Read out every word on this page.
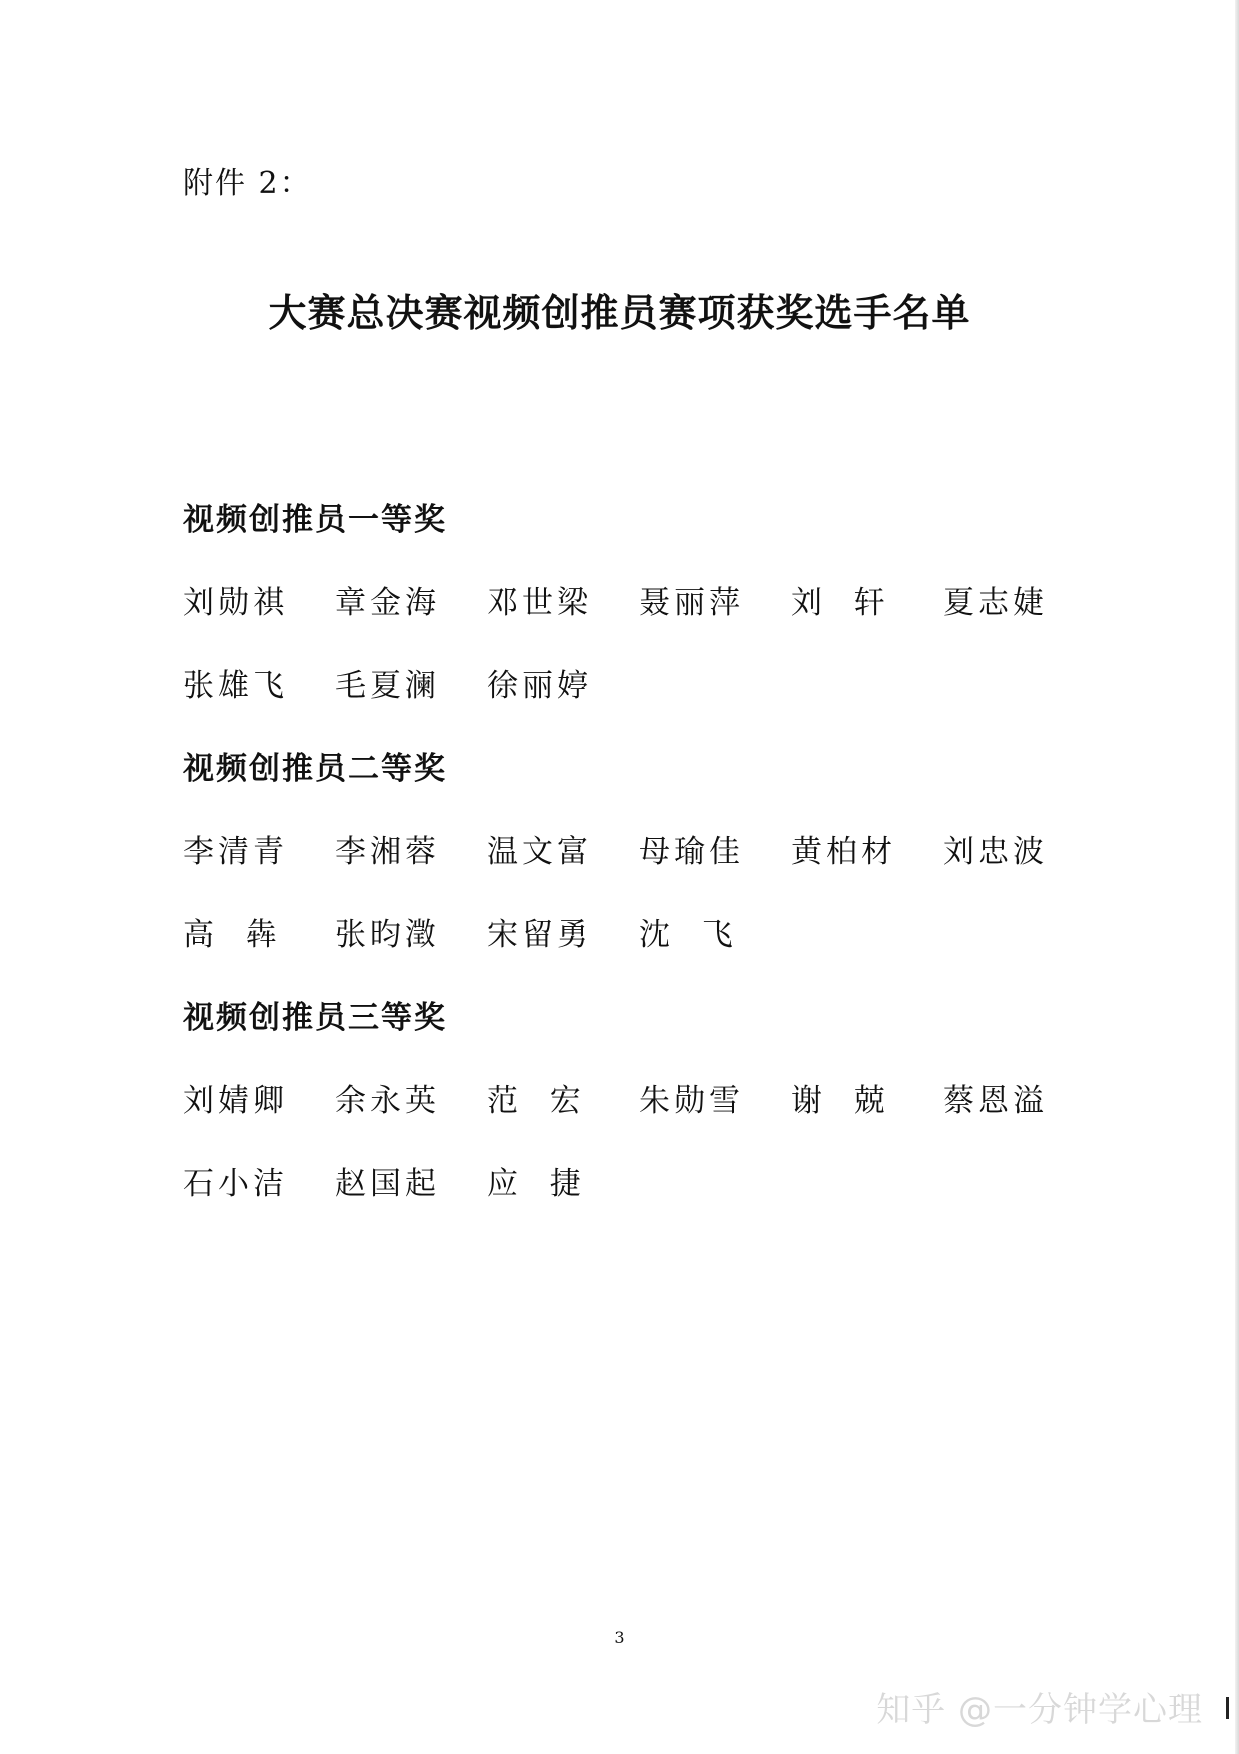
附件 2：
大赛总决赛视频创推员赛项获奖选手名单
视频创推员一等奖
刘勋祺	章金海	邓世梁	聂丽萍	刘  轩	夏志婕
张雄飞	毛夏澜	徐丽婷
视频创推员二等奖
李清青	李湘蓉	温文富	母瑜佳	黄柏材	刘忠波
高  犇	张昀澂	宋留勇	沈  飞
视频创推员三等奖
刘婧卿	余永英	范  宏	朱勋雪	谢  兢	蔡恩溢
石小洁	赵国起	应  捷
3
知乎 @一分钟学心理
